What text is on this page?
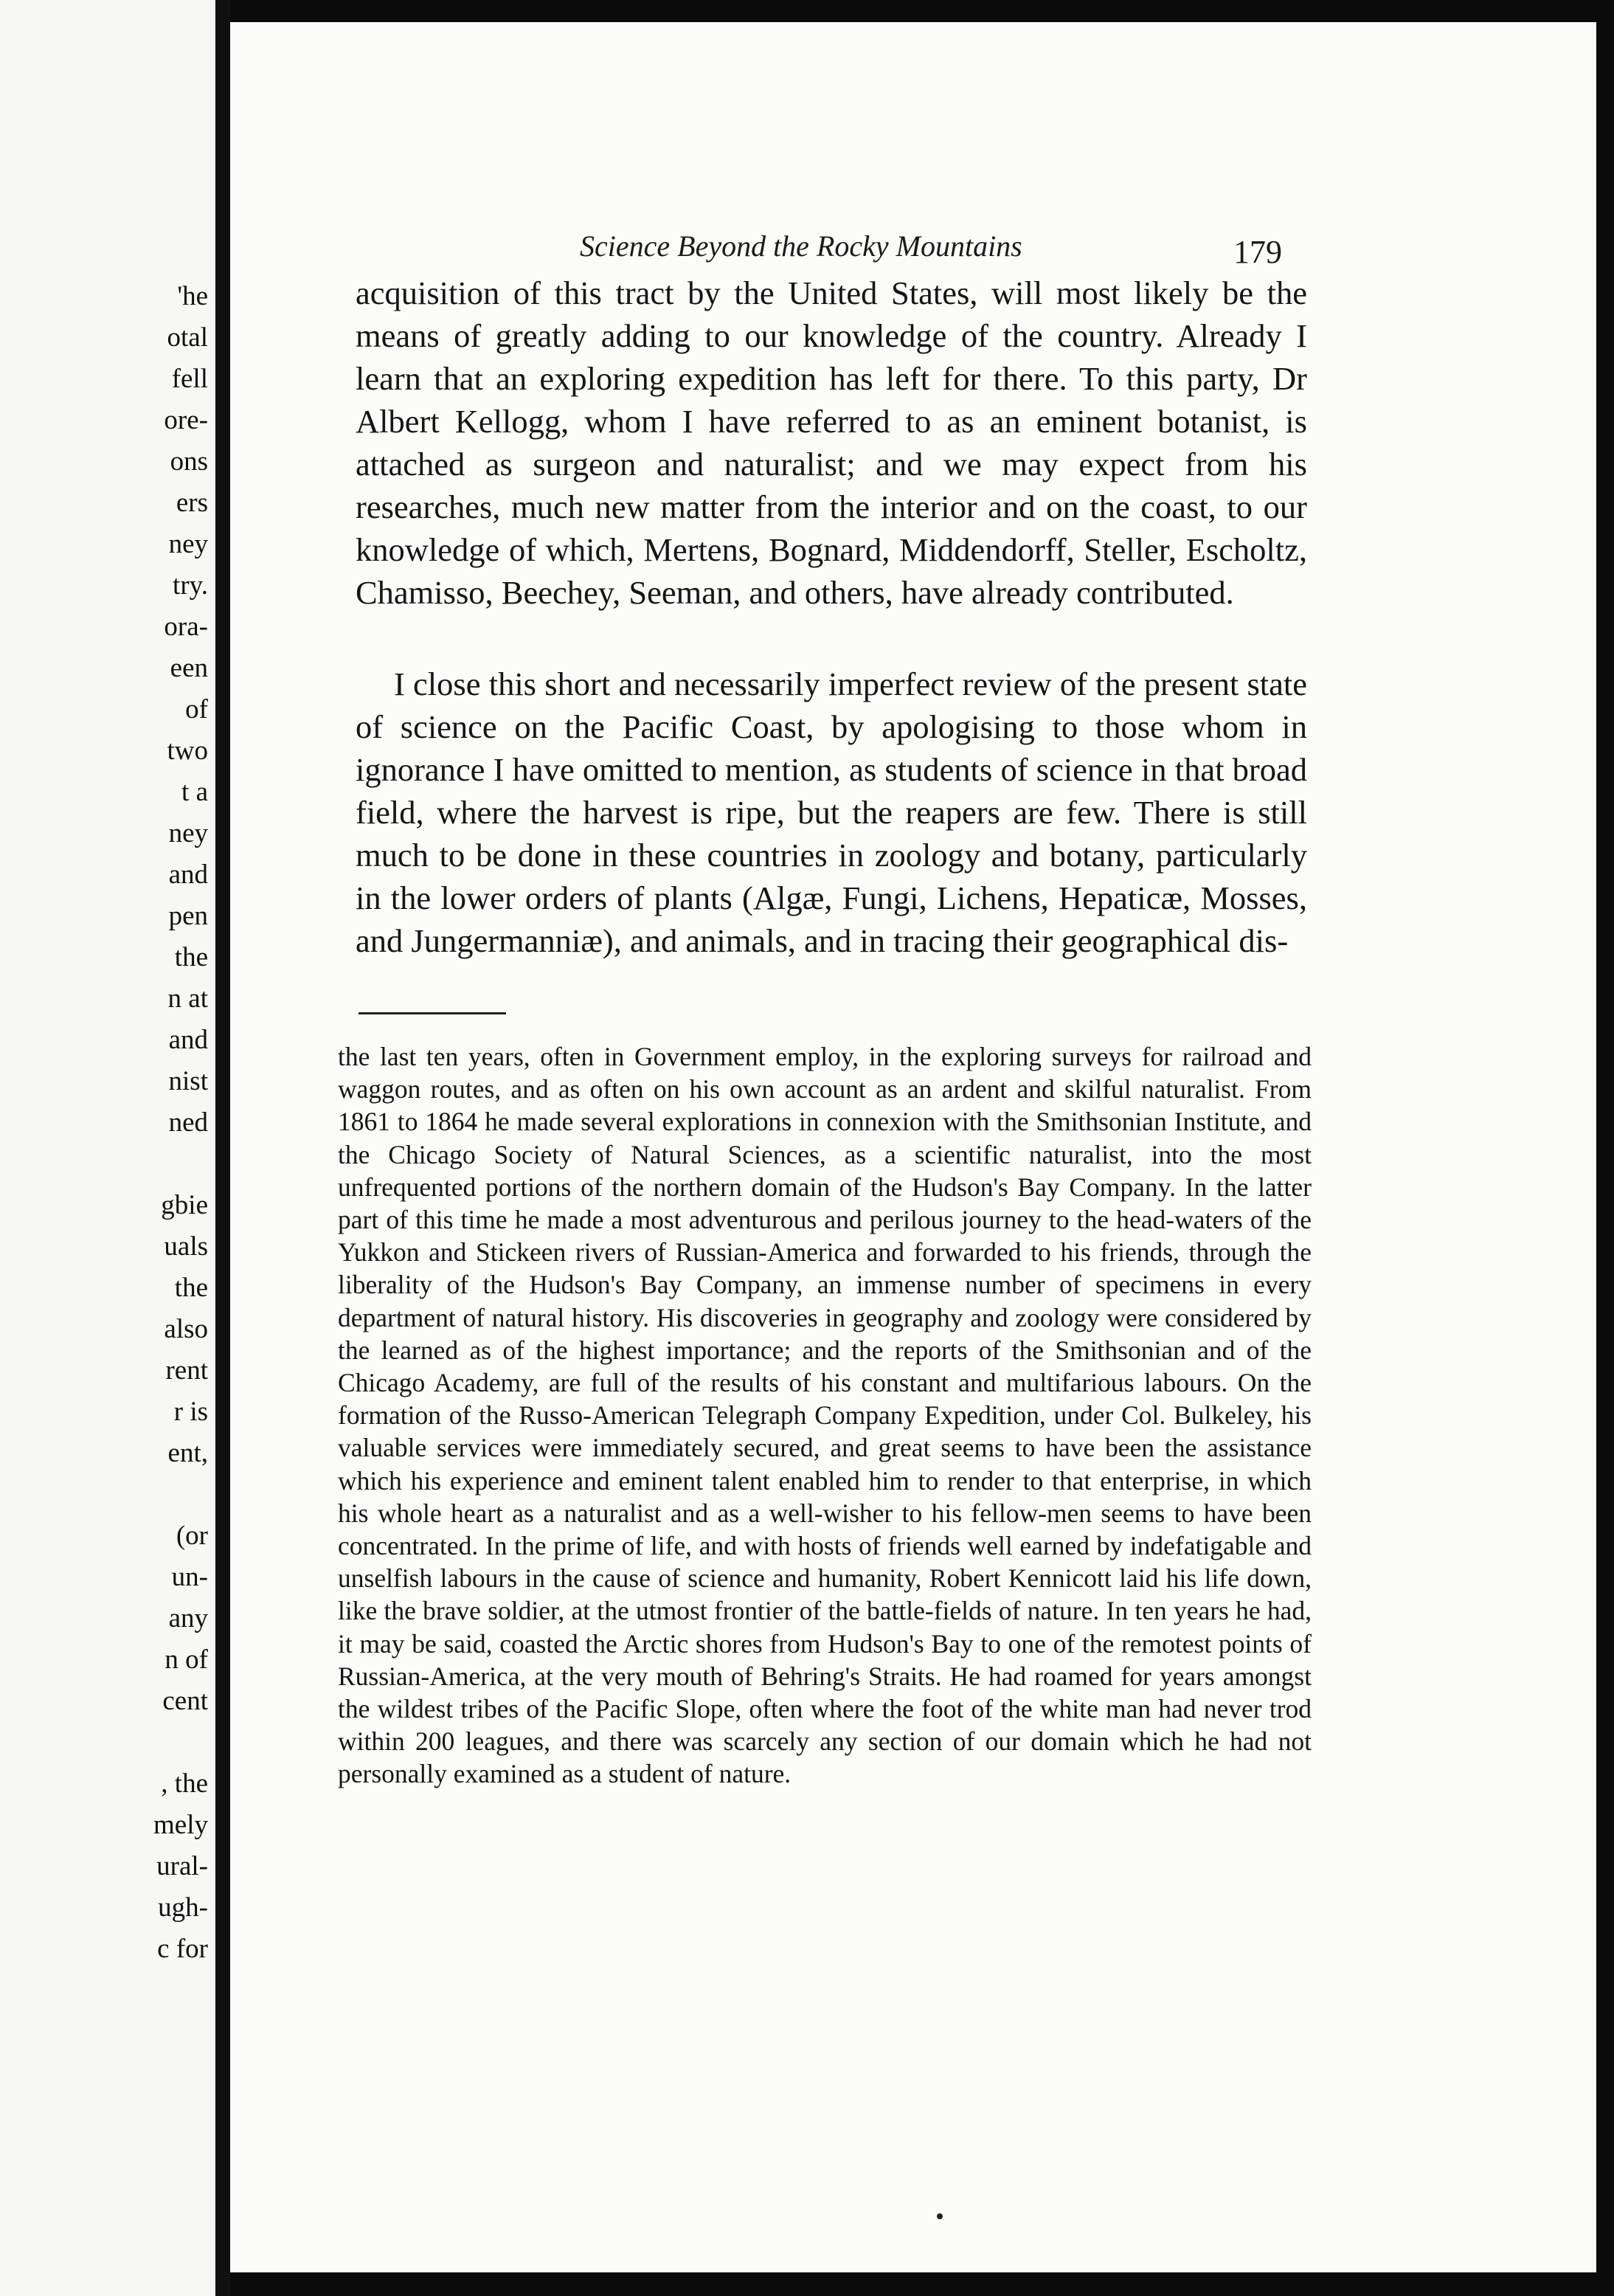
'he
otal
fell
ore-
ons
ers
ney
try.
ora-
een
of
two
t a
ney
and
pen
the
n at
and
nist
ned
gbie
uals
the
also
rent
r is
ent,
(or
un-
any
n of
cent
, the
mely
ural-
ugh-
c for
Science Beyond the Rocky Mountains	179

acquisition of this tract by the United States, will most likely be the means of greatly adding to our knowledge of the country. Already I learn that an exploring expedition has left for there. To this party, Dr Albert Kellogg, whom I have referred to as an eminent botanist, is attached as surgeon and naturalist; and we may expect from his researches, much new matter from the interior and on the coast, to our knowledge of which, Mertens, Bognard, Middendorff, Steller, Escholtz, Chamisso, Beechey, Seeman, and others, have already contributed.

I close this short and necessarily imperfect review of the present state of science on the Pacific Coast, by apologising to those whom in ignorance I have omitted to mention, as students of science in that broad field, where the harvest is ripe, but the reapers are few. There is still much to be done in these countries in zoology and botany, particularly in the lower orders of plants (Algæ, Fungi, Lichens, Hepaticæ, Mosses, and Jungermanniæ), and animals, and in tracing their geographical dis-

the last ten years, often in Government employ, in the exploring surveys for railroad and waggon routes, and as often on his own account as an ardent and skilful naturalist. From 1861 to 1864 he made several explorations in connexion with the Smithsonian Institute, and the Chicago Society of Natural Sciences, as a scientific naturalist, into the most unfrequented portions of the northern domain of the Hudson's Bay Company. In the latter part of this time he made a most adventurous and perilous journey to the head-waters of the Yukkon and Stickeen rivers of Russian-America and forwarded to his friends, through the liberality of the Hudson's Bay Company, an immense number of specimens in every department of natural history. His discoveries in geography and zoology were considered by the learned as of the highest importance; and the reports of the Smithsonian and of the Chicago Academy, are full of the results of his constant and multifarious labours. On the formation of the Russo-American Telegraph Company Expedition, under Col. Bulkeley, his valuable services were immediately secured, and great seems to have been the assistance which his experience and eminent talent enabled him to render to that enterprise, in which his whole heart as a naturalist and as a well-wisher to his fellow-men seems to have been concentrated. In the prime of life, and with hosts of friends well earned by indefatigable and unselfish labours in the cause of science and humanity, Robert Kennicott laid his life down, like the brave soldier, at the utmost frontier of the battle-fields of nature. In ten years he had, it may be said, coasted the Arctic shores from Hudson's Bay to one of the remotest points of Russian-America, at the very mouth of Behring's Straits. He had roamed for years amongst the wildest tribes of the Pacific Slope, often where the foot of the white man had never trod within 200 leagues, and there was scarcely any section of our domain which he had not personally examined as a student of nature.
